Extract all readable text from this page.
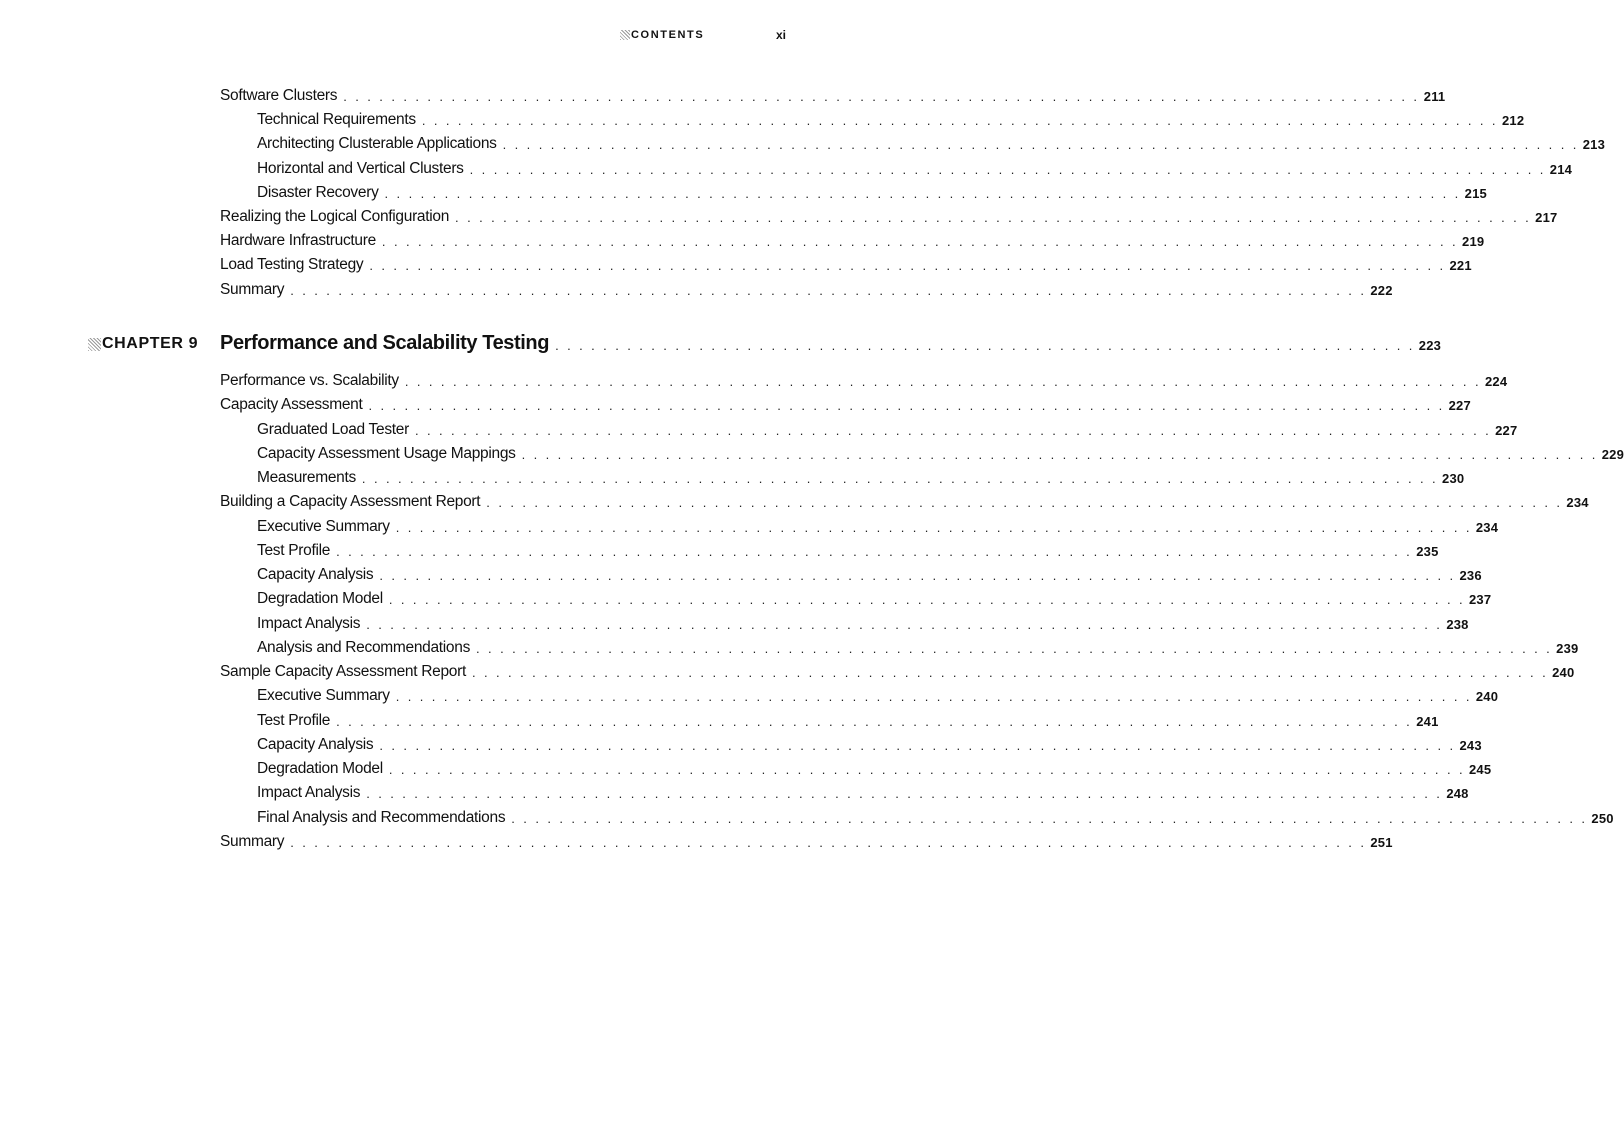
CONTENTS	xi
Software Clusters . . . . . . . . . . . . . . . . . . . . . . . . . . . . . . . . . . . . . . . . . . . . . . . . . . . . . . . . . . . . . . . . . . . . . . . . . . . . . . . . . . . . . . . . . . 211
Technical Requirements . . . . . . . . . . . . . . . . . . . . . . . . . . . . . . . . . . . . . . . . . . . . . . . . . . . . . . . . . . . . . . . . . . . . . . . . . . . . . . . . . . . . . . . . . . 212
Architecting Clusterable Applications . . . . . . . . . . . . . . . . . . . . . . . . . . . . . . . . . . . . . . . . . . . . . . . . . . . . . . . . . . . . . . . . . . . . . . . . . . . . . . . . . . . . . . . . . . 213
Horizontal and Vertical Clusters . . . . . . . . . . . . . . . . . . . . . . . . . . . . . . . . . . . . . . . . . . . . . . . . . . . . . . . . . . . . . . . . . . . . . . . . . . . . . . . . . . . . . . . . . . 214
Disaster Recovery . . . . . . . . . . . . . . . . . . . . . . . . . . . . . . . . . . . . . . . . . . . . . . . . . . . . . . . . . . . . . . . . . . . . . . . . . . . . . . . . . . . . . . . . . . 215
Realizing the Logical Configuration . . . . . . . . . . . . . . . . . . . . . . . . . . . . . . . . . . . . . . . . . . . . . . . . . . . . . . . . . . . . . . . . . . . . . . . . . . . . . . . . . . . . . . . . . . 217
Hardware Infrastructure . . . . . . . . . . . . . . . . . . . . . . . . . . . . . . . . . . . . . . . . . . . . . . . . . . . . . . . . . . . . . . . . . . . . . . . . . . . . . . . . . . . . . . . . . . 219
Load Testing Strategy . . . . . . . . . . . . . . . . . . . . . . . . . . . . . . . . . . . . . . . . . . . . . . . . . . . . . . . . . . . . . . . . . . . . . . . . . . . . . . . . . . . . . . . . . . 221
Summary . . . . . . . . . . . . . . . . . . . . . . . . . . . . . . . . . . . . . . . . . . . . . . . . . . . . . . . . . . . . . . . . . . . . . . . . . . . . . . . . . . . . . . . . . . 222
CHAPTER 9 Performance and Scalability Testing . . . . . . . . . . . . . . . . . . . . . . . . . . . . . . . . . . . . . . . . . . . . . . . . . . . . . . . . . . . . . . . . . . . . . . . . 223
Performance vs. Scalability . . . . . . . . . . . . . . . . . . . . . . . . . . . . . . . . . . . . . . . . . . . . . . . . . . . . . . . . . . . . . . . . . . . . . . . . . . . . . . . . . . . . . . . . . . 224
Capacity Assessment . . . . . . . . . . . . . . . . . . . . . . . . . . . . . . . . . . . . . . . . . . . . . . . . . . . . . . . . . . . . . . . . . . . . . . . . . . . . . . . . . . . . . . . . . . 227
Graduated Load Tester . . . . . . . . . . . . . . . . . . . . . . . . . . . . . . . . . . . . . . . . . . . . . . . . . . . . . . . . . . . . . . . . . . . . . . . . . . . . . . . . . . . . . . . . . . 227
Capacity Assessment Usage Mappings . . . . . . . . . . . . . . . . . . . . . . . . . . . . . . . . . . . . . . . . . . . . . . . . . . . . . . . . . . . . . . . . . . . . . . . . . . . . . . . . . . . . . . . . . . 229
Measurements . . . . . . . . . . . . . . . . . . . . . . . . . . . . . . . . . . . . . . . . . . . . . . . . . . . . . . . . . . . . . . . . . . . . . . . . . . . . . . . . . . . . . . . . . . 230
Building a Capacity Assessment Report . . . . . . . . . . . . . . . . . . . . . . . . . . . . . . . . . . . . . . . . . . . . . . . . . . . . . . . . . . . . . . . . . . . . . . . . . . . . . . . . . . . . . . . . . . 234
Executive Summary . . . . . . . . . . . . . . . . . . . . . . . . . . . . . . . . . . . . . . . . . . . . . . . . . . . . . . . . . . . . . . . . . . . . . . . . . . . . . . . . . . . . . . . . . . 234
Test Profile . . . . . . . . . . . . . . . . . . . . . . . . . . . . . . . . . . . . . . . . . . . . . . . . . . . . . . . . . . . . . . . . . . . . . . . . . . . . . . . . . . . . . . . . . . 235
Capacity Analysis . . . . . . . . . . . . . . . . . . . . . . . . . . . . . . . . . . . . . . . . . . . . . . . . . . . . . . . . . . . . . . . . . . . . . . . . . . . . . . . . . . . . . . . . . . 236
Degradation Model . . . . . . . . . . . . . . . . . . . . . . . . . . . . . . . . . . . . . . . . . . . . . . . . . . . . . . . . . . . . . . . . . . . . . . . . . . . . . . . . . . . . . . . . . . 237
Impact Analysis . . . . . . . . . . . . . . . . . . . . . . . . . . . . . . . . . . . . . . . . . . . . . . . . . . . . . . . . . . . . . . . . . . . . . . . . . . . . . . . . . . . . . . . . . . 238
Analysis and Recommendations . . . . . . . . . . . . . . . . . . . . . . . . . . . . . . . . . . . . . . . . . . . . . . . . . . . . . . . . . . . . . . . . . . . . . . . . . . . . . . . . . . . . . . . . . . 239
Sample Capacity Assessment Report . . . . . . . . . . . . . . . . . . . . . . . . . . . . . . . . . . . . . . . . . . . . . . . . . . . . . . . . . . . . . . . . . . . . . . . . . . . . . . . . . . . . . . . . . . 240
Executive Summary . . . . . . . . . . . . . . . . . . . . . . . . . . . . . . . . . . . . . . . . . . . . . . . . . . . . . . . . . . . . . . . . . . . . . . . . . . . . . . . . . . . . . . . . . . 240
Test Profile . . . . . . . . . . . . . . . . . . . . . . . . . . . . . . . . . . . . . . . . . . . . . . . . . . . . . . . . . . . . . . . . . . . . . . . . . . . . . . . . . . . . . . . . . . 241
Capacity Analysis . . . . . . . . . . . . . . . . . . . . . . . . . . . . . . . . . . . . . . . . . . . . . . . . . . . . . . . . . . . . . . . . . . . . . . . . . . . . . . . . . . . . . . . . . . 243
Degradation Model . . . . . . . . . . . . . . . . . . . . . . . . . . . . . . . . . . . . . . . . . . . . . . . . . . . . . . . . . . . . . . . . . . . . . . . . . . . . . . . . . . . . . . . . . . 245
Impact Analysis . . . . . . . . . . . . . . . . . . . . . . . . . . . . . . . . . . . . . . . . . . . . . . . . . . . . . . . . . . . . . . . . . . . . . . . . . . . . . . . . . . . . . . . . . . 248
Final Analysis and Recommendations . . . . . . . . . . . . . . . . . . . . . . . . . . . . . . . . . . . . . . . . . . . . . . . . . . . . . . . . . . . . . . . . . . . . . . . . . . . . . . . . . . . . . . . . . . 250
Summary . . . . . . . . . . . . . . . . . . . . . . . . . . . . . . . . . . . . . . . . . . . . . . . . . . . . . . . . . . . . . . . . . . . . . . . . . . . . . . . . . . . . . . . . . . 251
